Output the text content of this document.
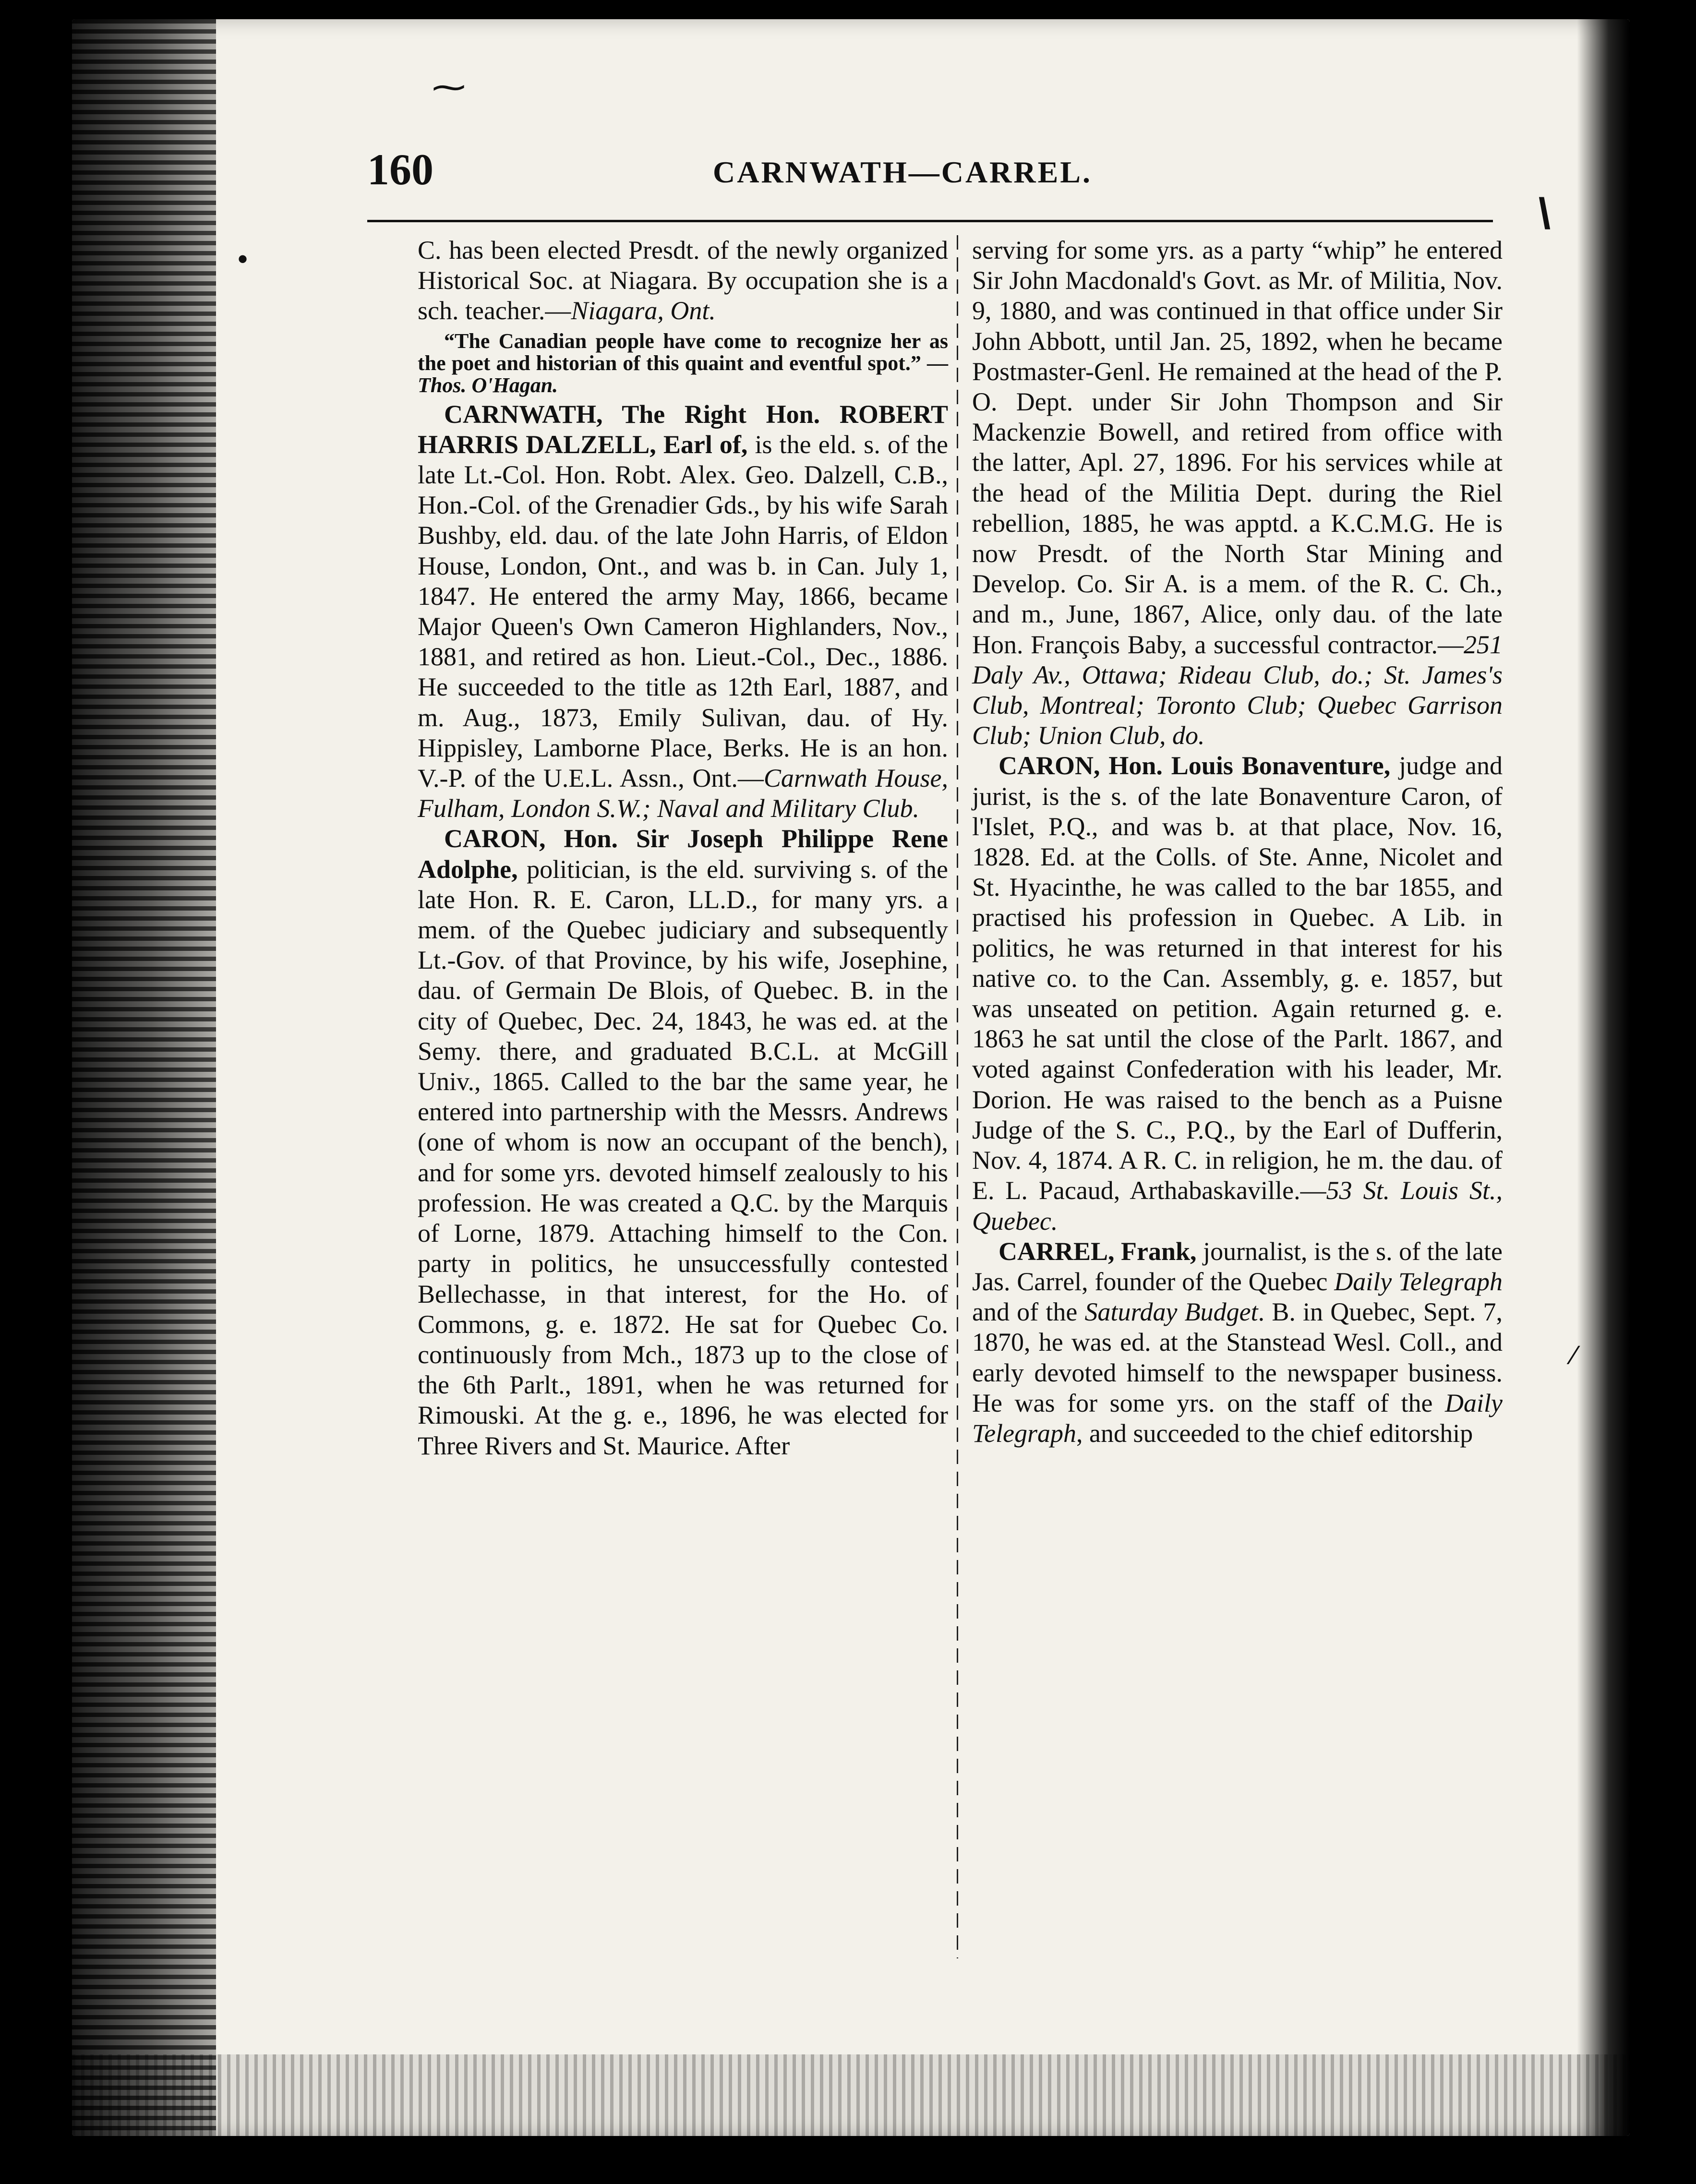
160	CARNWATH—CARREL.

C. has been elected Presdt. of the newly organized Historical Soc. at Niagara. By occupation she is a sch. teacher.—Niagara, Ont.

“The Canadian people have come to recognize her as the poet and historian of this quaint and eventful spot.” —Thos. O'Hagan.

CARNWATH, The Right Hon. ROBERT HARRIS DALZELL, Earl of, is the eld. s. of the late Lt.-Col. Hon. Robt. Alex. Geo. Dalzell, C.B., Hon.-Col. of the Grenadier Gds., by his wife Sarah Bushby, eld. dau. of the late John Harris, of Eldon House, London, Ont., and was b. in Can. July 1, 1847. He entered the army May, 1866, became Major Queen's Own Cameron Highlanders, Nov., 1881, and retired as hon. Lieut.-Col., Dec., 1886. He succeeded to the title as 12th Earl, 1887, and m. Aug., 1873, Emily Sulivan, dau. of Hy. Hippisley, Lamborne Place, Berks. He is an hon. V.-P. of the U.E.L. Assn., Ont.—Carnwath House, Fulham, London S.W.; Naval and Military Club.

CARON, Hon. Sir Joseph Philippe Rene Adolphe, politician, is the eld. surviving s. of the late Hon. R. E. Caron, LL.D., for many yrs. a mem. of the Quebec judiciary and subsequently Lt.-Gov. of that Province, by his wife, Josephine, dau. of Germain De Blois, of Quebec. B. in the city of Quebec, Dec. 24, 1843, he was ed. at the Semy. there, and graduated B.C.L. at McGill Univ., 1865. Called to the bar the same year, he entered into partnership with the Messrs. Andrews (one of whom is now an occupant of the bench), and for some yrs. devoted himself zealously to his profession. He was created a Q.C. by the Marquis of Lorne, 1879. Attaching himself to the Con. party in politics, he unsuccessfully contested Bellechasse, in that interest, for the Ho. of Commons, g. e. 1872. He sat for Quebec Co. continuously from Mch., 1873 up to the close of the 6th Parlt., 1891, when he was returned for Rimouski. At the g. e., 1896, he was elected for Three Rivers and St. Maurice. After

serving for some yrs. as a party “whip” he entered Sir John Macdonald's Govt. as Mr. of Militia, Nov. 9, 1880, and was continued in that office under Sir John Abbott, until Jan. 25, 1892, when he became Postmaster-Genl. He remained at the head of the P. O. Dept. under Sir John Thompson and Sir Mackenzie Bowell, and retired from office with the latter, Apl. 27, 1896. For his services while at the head of the Militia Dept. during the Riel rebellion, 1885, he was apptd. a K.C.M.G. He is now Presdt. of the North Star Mining and Develop. Co. Sir A. is a mem. of the R. C. Ch., and m., June, 1867, Alice, only dau. of the late Hon. François Baby, a successful contractor.—251 Daly Av., Ottawa; Rideau Club, do.; St. James's Club, Montreal; Toronto Club; Quebec Garrison Club; Union Club, do.

CARON, Hon. Louis Bonaventure, judge and jurist, is the s. of the late Bonaventure Caron, of l'Islet, P.Q., and was b. at that place, Nov. 16, 1828. Ed. at the Colls. of Ste. Anne, Nicolet and St. Hyacinthe, he was called to the bar 1855, and practised his profession in Quebec. A Lib. in politics, he was returned in that interest for his native co. to the Can. Assembly, g. e. 1857, but was unseated on petition. Again returned g. e. 1863 he sat until the close of the Parlt. 1867, and voted against Confederation with his leader, Mr. Dorion. He was raised to the bench as a Puisne Judge of the S. C., P.Q., by the Earl of Dufferin, Nov. 4, 1874. A R. C. in religion, he m. the dau. of E. L. Pacaud, Arthabaskaville.—53 St. Louis St., Quebec.

CARREL, Frank, journalist, is the s. of the late Jas. Carrel, founder of the Quebec Daily Telegraph and of the Saturday Budget. B. in Quebec, Sept. 7, 1870, he was ed. at the Stanstead Wesl. Coll., and early devoted himself to the newspaper business. He was for some yrs. on the staff of the Daily Telegraph, and succeeded to the chief editorship

⁓
\
•
⁄
